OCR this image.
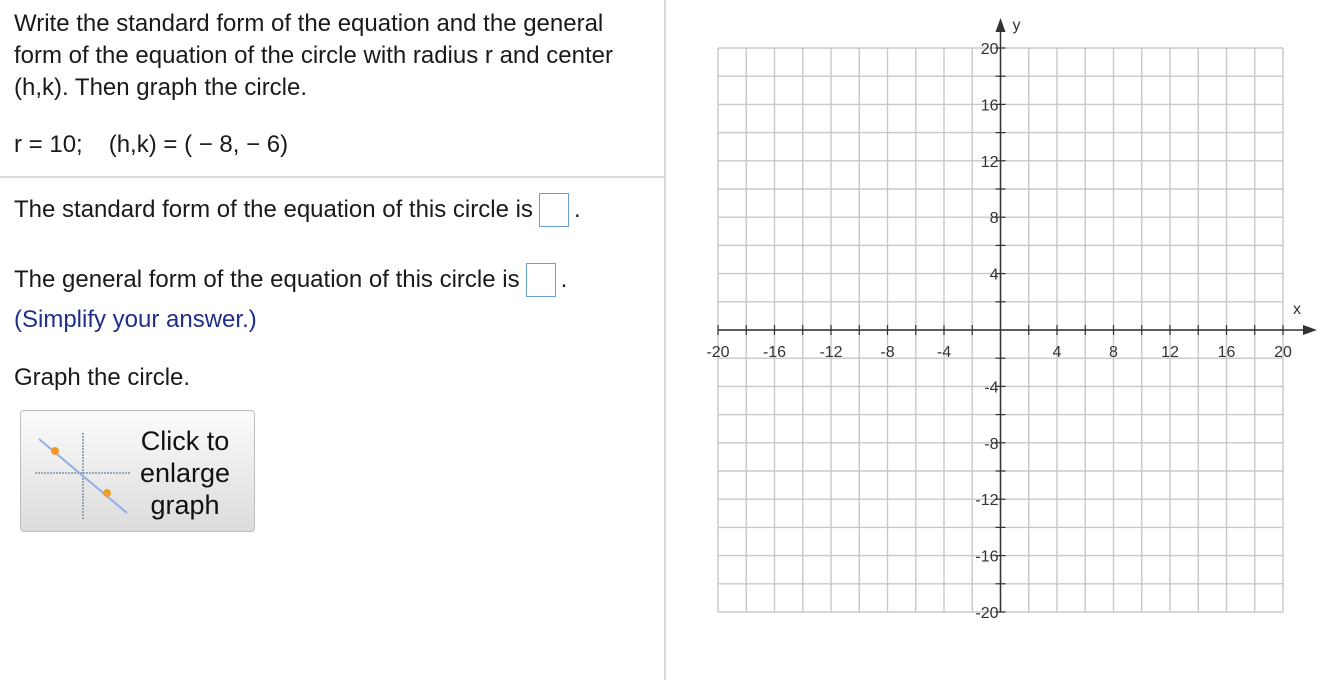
Write the standard form of the equation and the general form of the equation of the circle with radius r and center (h,k). Then graph the circle.
r = 10; (h,k) = ( − 8, − 6)
The standard form of the equation of this circle is .
The general form of the equation of this circle is .
(Simplify your answer.)
Graph the circle.
Click to enlarge graph
-20 -16 -12 -8	-4	4	8	12 16 20
20
16
12
8
4
-4
-8
-12
-16
-20
x
y
